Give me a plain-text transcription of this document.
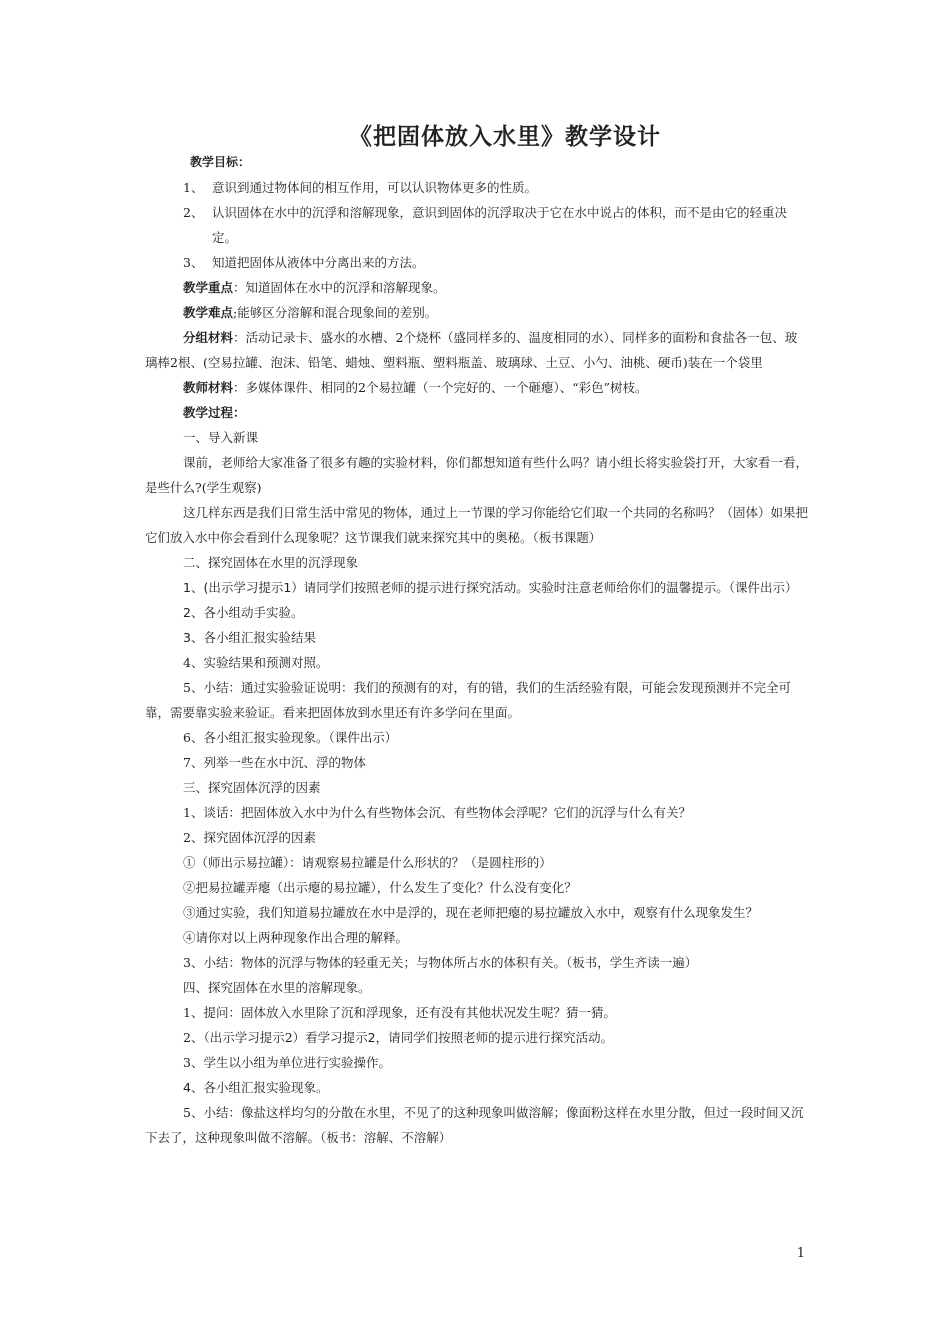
《把固体放入水里》教学设计

教学目标：

1、 意识到通过物体间的相互作用，可以认识物体更多的性质。
2、 认识固体在水中的沉浮和溶解现象，意识到固体的沉浮取决于它在水中说占的体积，而不是由它的轻重决定。
3、 知道把固体从液体中分离出来的方法。

教学重点：知道固体在水中的沉浮和溶解现象。

教学难点;能够区分溶解和混合现象间的差别。

分组材料：活动记录卡、盛水的水槽、2个烧杯（盛同样多的、温度相同的水）、同样多的面粉和食盐各一包、玻璃棒2根、(空易拉罐、泡沫、铅笔、蜡烛、塑料瓶、塑料瓶盖、玻璃球、土豆、小勺、油桃、硬币)装在一个袋里

教师材料：多媒体课件、相同的2个易拉罐（一个完好的、一个砸瘪）、“彩色”树枝。

教学过程：

一、导入新课

课前，老师给大家准备了很多有趣的实验材料，你们都想知道有些什么吗？请小组长将实验袋打开，大家看一看，是些什么?(学生观察)

这几样东西是我们日常生活中常见的物体，通过上一节课的学习你能给它们取一个共同的名称吗？（固体）如果把它们放入水中你会看到什么现象呢？这节课我们就来探究其中的奥秘。（板书课题）

二、探究固体在水里的沉浮现象

1、(出示学习提示1）请同学们按照老师的提示进行探究活动。实验时注意老师给你们的温馨提示。（课件出示）

2、各小组动手实验。

3、各小组汇报实验结果

4、实验结果和预测对照。

5、小结：通过实验验证说明：我们的预测有的对，有的错，我们的生活经验有限，可能会发现预测并不完全可靠，需要靠实验来验证。看来把固体放到水里还有许多学问在里面。

6、各小组汇报实验现象。（课件出示）

7、列举一些在水中沉、浮的物体

三、探究固体沉浮的因素

1、谈话：把固体放入水中为什么有些物体会沉、有些物体会浮呢？它们的沉浮与什么有关？

2、探究固体沉浮的因素

①（师出示易拉罐）：请观察易拉罐是什么形状的？（是圆柱形的）

②把易拉罐弄瘪（出示瘪的易拉罐），什么发生了变化？什么没有变化？

③通过实验，我们知道易拉罐放在水中是浮的，现在老师把瘪的易拉罐放入水中，观察有什么现象发生？

④请你对以上两种现象作出合理的解释。

3、小结：物体的沉浮与物体的轻重无关；与物体所占水的体积有关。（板书，学生齐读一遍）

四、探究固体在水里的溶解现象。

1、提问：固体放入水里除了沉和浮现象，还有没有其他状况发生呢？猜一猜。

2、（出示学习提示2）看学习提示2，请同学们按照老师的提示进行探究活动。

3、学生以小组为单位进行实验操作。

4、各小组汇报实验现象。

5、小结：像盐这样均匀的分散在水里，不见了的这种现象叫做溶解；像面粉这样在水里分散，但过一段时间又沉下去了，这种现象叫做不溶解。（板书：溶解、不溶解）

1
